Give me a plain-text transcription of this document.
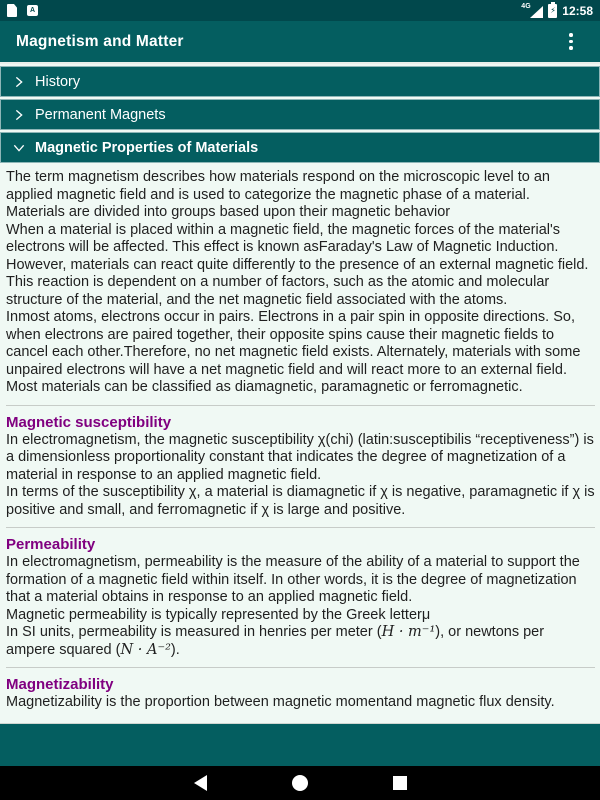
A
4G ⚡ 12:58
Magnetism and Matter
History
Permanent Magnets
Magnetic Properties of Materials

The term magnetism describes how materials respond on the microscopic level to an applied magnetic field and is used to categorize the magnetic phase of a material.

Materials are divided into groups based upon their magnetic behavior

When a material is placed within a magnetic field, the magnetic forces of the material's electrons will be affected. This effect is known asFaraday's Law of Magnetic Induction. However, materials can react quite differently to the presence of an external magnetic field. This reaction is dependent on a number of factors, such as the atomic and molecular structure of the material, and the net magnetic field associated with the atoms.

Inmost atoms, electrons occur in pairs. Electrons in a pair spin in opposite directions. So, when electrons are paired together, their opposite spins cause their magnetic fields to cancel each other.Therefore, no net magnetic field exists. Alternately, materials with some unpaired electrons will have a net magnetic field and will react more to an external field. Most materials can be classified as diamagnetic, paramagnetic or ferromagnetic.

Magnetic susceptibility

In electromagnetism, the magnetic susceptibility χ(chi) (latin:susceptibilis “receptiveness”) is a dimensionless proportionality constant that indicates the degree of magnetization of a material in response to an applied magnetic field.

In terms of the susceptibility χ, a material is diamagnetic if χ is negative, paramagnetic if χ is positive and small, and ferromagnetic if χ is large and positive.

Permeability

In electromagnetism, permeability is the measure of the ability of a material to support the formation of a magnetic field within itself. In other words, it is the degree of magnetization that a material obtains in response to an applied magnetic field.

Magnetic permeability is typically represented by the Greek letterμ

In SI units, permeability is measured in henries per meter (H · m⁻¹), or newtons per ampere squared (N · A⁻²).

Magnetizability

Magnetizability is the proportion between magnetic momentand magnetic flux density.
